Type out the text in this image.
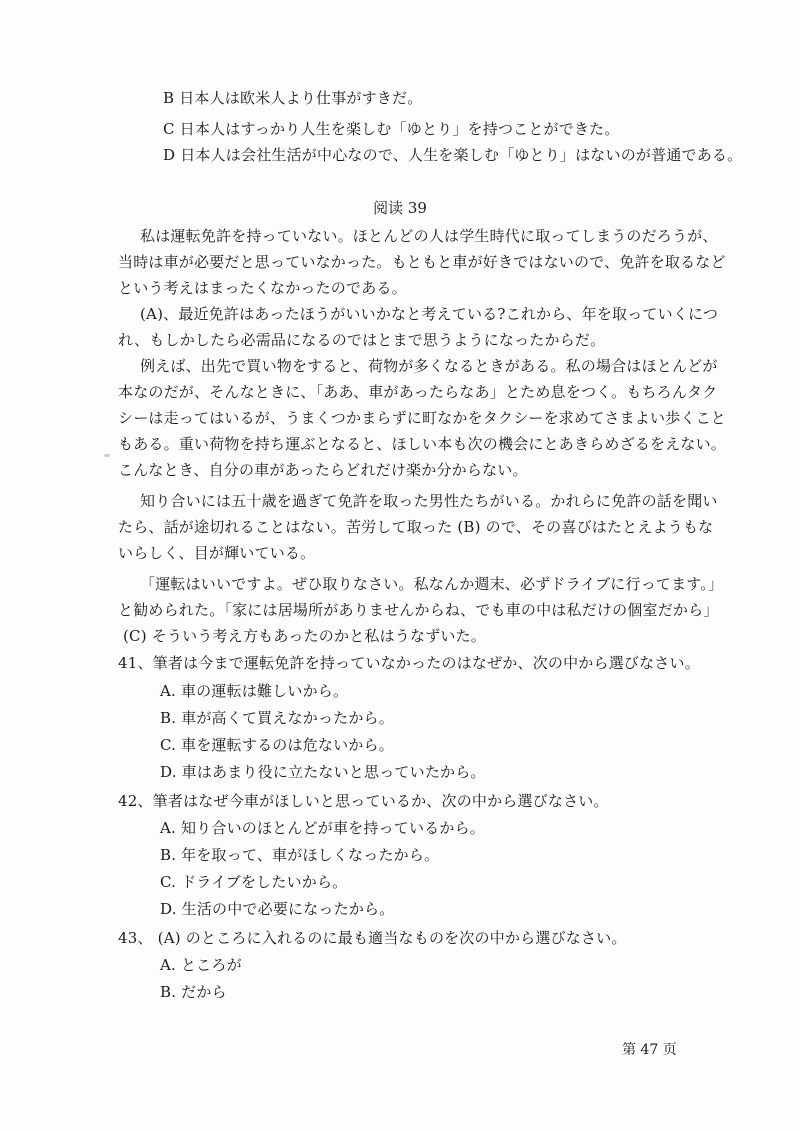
B 日本人は欧米人より仕事がすきだ。
C 日本人はすっかり人生を楽しむ「ゆとり」を持つことができた。
D 日本人は会社生活が中心なので、人生を楽しむ「ゆとり」はないのが普通である。
阅读 39
私は運転免許を持っていない。ほとんどの人は学生時代に取ってしまうのだろうが、
当時は車が必要だと思っていなかった。もともと車が好きではないので、免許を取るなど
という考えはまったくなかったのである。
(A)、最近免許はあったほうがいいかなと考えている?これから、年を取っていくにつ
れ、もしかしたら必需品になるのではとまで思うようになったからだ。
例えば、出先で買い物をすると、荷物が多くなるときがある。私の場合はほとんどが
本なのだが、そんなときに、「ああ、車があったらなあ」とため息をつく。もちろんタク
シーは走ってはいるが、うまくつかまらずに町なかをタクシーを求めてさまよい歩くこと
もある。重い荷物を持ち運ぶとなると、ほしい本も次の機会にとあきらめざるをえない。
こんなとき、自分の車があったらどれだけ楽か分からない。
知り合いには五十歳を過ぎて免許を取った男性たちがいる。かれらに免許の話を聞い
たら、話が途切れることはない。苦労して取った (B) ので、その喜びはたとえようもな
いらしく、目が輝いている。
「運転はいいですよ。ぜひ取りなさい。私なんか週末、必ずドライブに行ってます。」
と勧められた。「家には居場所がありませんからね、でも車の中は私だけの個室だから」
(C) そういう考え方もあったのかと私はうなずいた。
41、筆者は今まで運転免許を持っていなかったのはなぜか、次の中から選びなさい。
A. 車の運転は難しいから。
B. 車が高くて買えなかったから。
C. 車を運転するのは危ないから。
D. 車はあまり役に立たないと思っていたから。
42、筆者はなぜ今車がほしいと思っているか、次の中から選びなさい。
A. 知り合いのほとんどが車を持っているから。
B. 年を取って、車がほしくなったから。
C. ドライブをしたいから。
D. 生活の中で必要になったから。
43、 (A) のところに入れるのに最も適当なものを次の中から選びなさい。
A. ところが
B. だから
第 47 页
